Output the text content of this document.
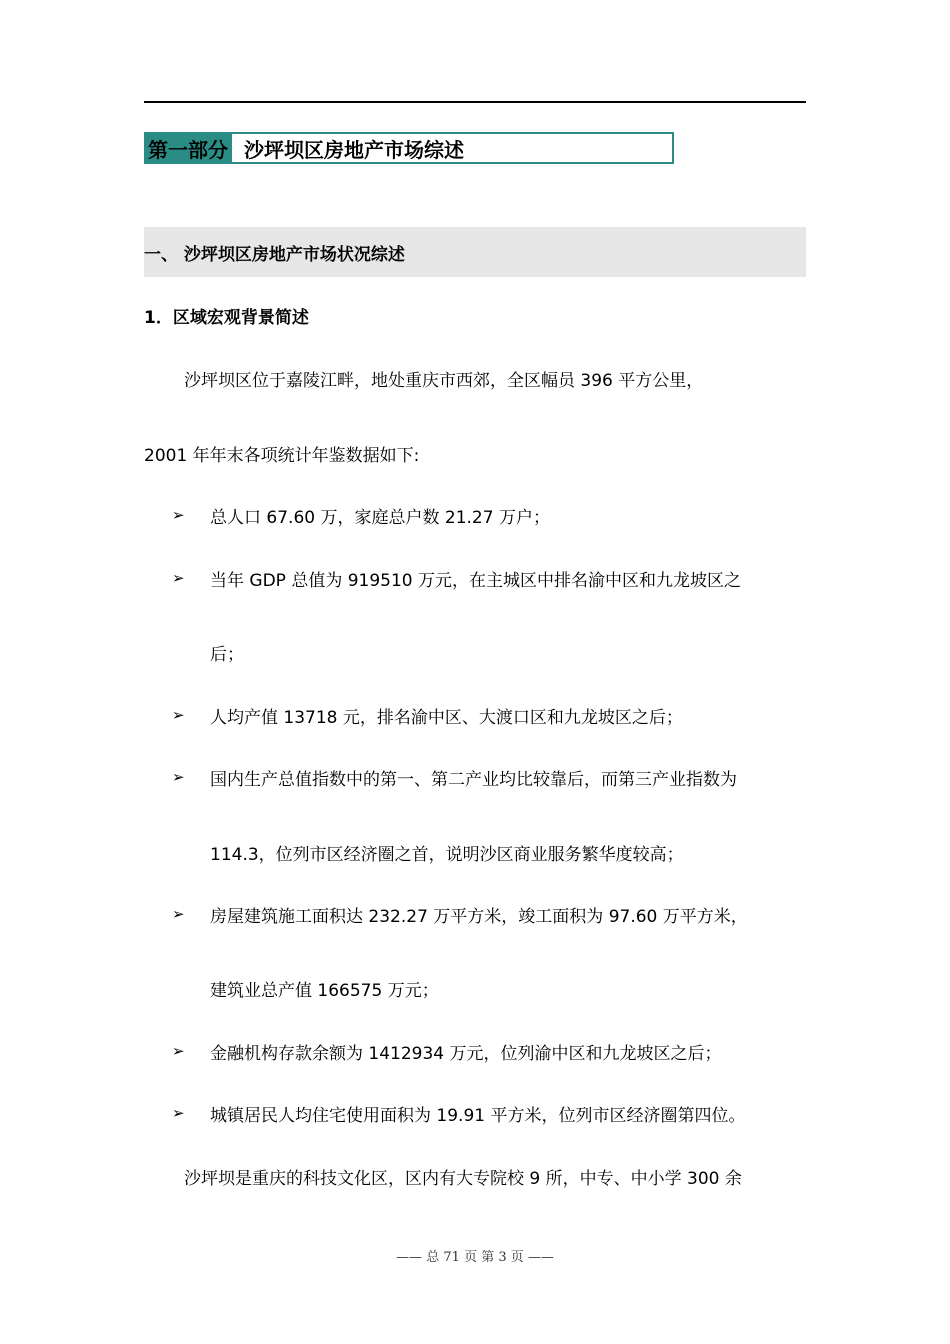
第一部分 沙坪坝区房地产市场综述
一、 沙坪坝区房地产市场状况综述
1．区域宏观背景简述
沙坪坝区位于嘉陵江畔，地处重庆市西郊，全区幅员 396 平方公里，
2001 年年末各项统计年鉴数据如下:
➢ 总人口 67.60 万，家庭总户数 21.27 万户；
➢ 当年 GDP 总值为 919510 万元，在主城区中排名渝中区和九龙坡区之
后；
➢ 人均产值 13718 元，排名渝中区、大渡口区和九龙坡区之后；
➢ 国内生产总值指数中的第一、第二产业均比较靠后，而第三产业指数为
114.3，位列市区经济圈之首，说明沙区商业服务繁华度较高；
➢ 房屋建筑施工面积达 232.27 万平方米，竣工面积为 97.60 万平方米，
建筑业总产值 166575 万元；
➢ 金融机构存款余额为 1412934 万元，位列渝中区和九龙坡区之后；
➢ 城镇居民人均住宅使用面积为 19.91 平方米，位列市区经济圈第四位。
沙坪坝是重庆的科技文化区，区内有大专院校 9 所，中专、中小学 300 余
—— 总 71 页 第 3 页 ——
